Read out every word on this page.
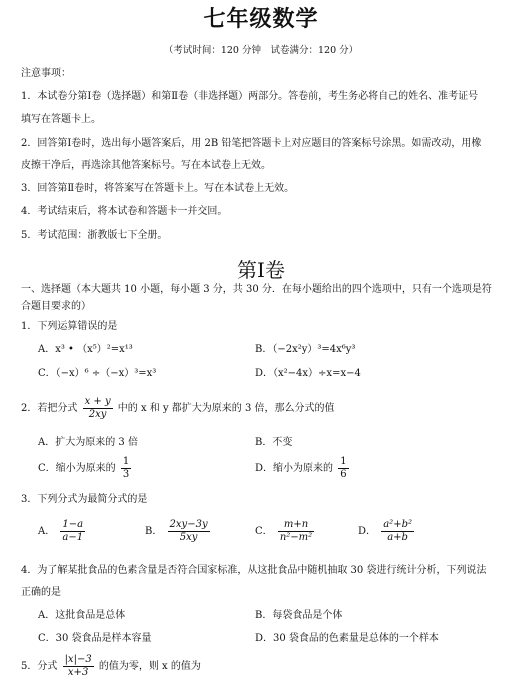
七年级数学
（考试时间：120 分钟　试卷满分：120 分）
注意事项：
1．本试卷分第Ⅰ卷（选择题）和第Ⅱ卷（非选择题）两部分。答卷前，考生务必将自己的姓名、准考证号
填写在答题卡上。
2．回答第Ⅰ卷时，选出每小题答案后，用 2B 铅笔把答题卡上对应题目的答案标号涂黑。如需改动，用橡
皮擦干净后，再选涂其他答案标号。写在本试卷上无效。
3．回答第Ⅱ卷时，将答案写在答题卡上。写在本试卷上无效。
4．考试结束后，将本试卷和答题卡一并交回。
5．考试范围：浙教版七下全册。
第Ⅰ卷
一、选择题（本大题共 10 小题，每小题 3 分，共 30 分．在每小题给出的四个选项中，只有一个选项是符
合题目要求的）
1．下列运算错误的是
A．x³ • （x⁵）²=x¹³	B．（−2x²y）³=4x⁶y³
C．（−x）⁶ ÷（−x）³=x³	D．（x²−4x）÷x=x−4
2．若把分式 $\frac{x + y}{2xy}$ 中的 x 和 y 都扩大为原来的 3 倍，那么分式的值
A．扩大为原来的 3 倍	B．不变
C．缩小为原来的 $\frac{1}{3}$	D．缩小为原来的 $\frac{1}{6}$
3．下列分式为最简分式的是
A． $\frac{1-a}{a-1}$	B． $\frac{2xy-3y}{5xy}$	C． $\frac{m+n}{\text{n²−m²}}$	D． $\frac{\text{a²+b²}}{a+b}$
4．为了解某批食品的色素含量是否符合国家标准，从这批食品中随机抽取 30 袋进行统计分析，下列说法
正确的是
A．这批食品是总体	B．每袋食品是个体
C．30 袋食品是样本容量	D．30 袋食品的色素量是总体的一个样本
5．分式 $\frac{|x|-3}{x+3}$ 的值为零，则 x 的值为
